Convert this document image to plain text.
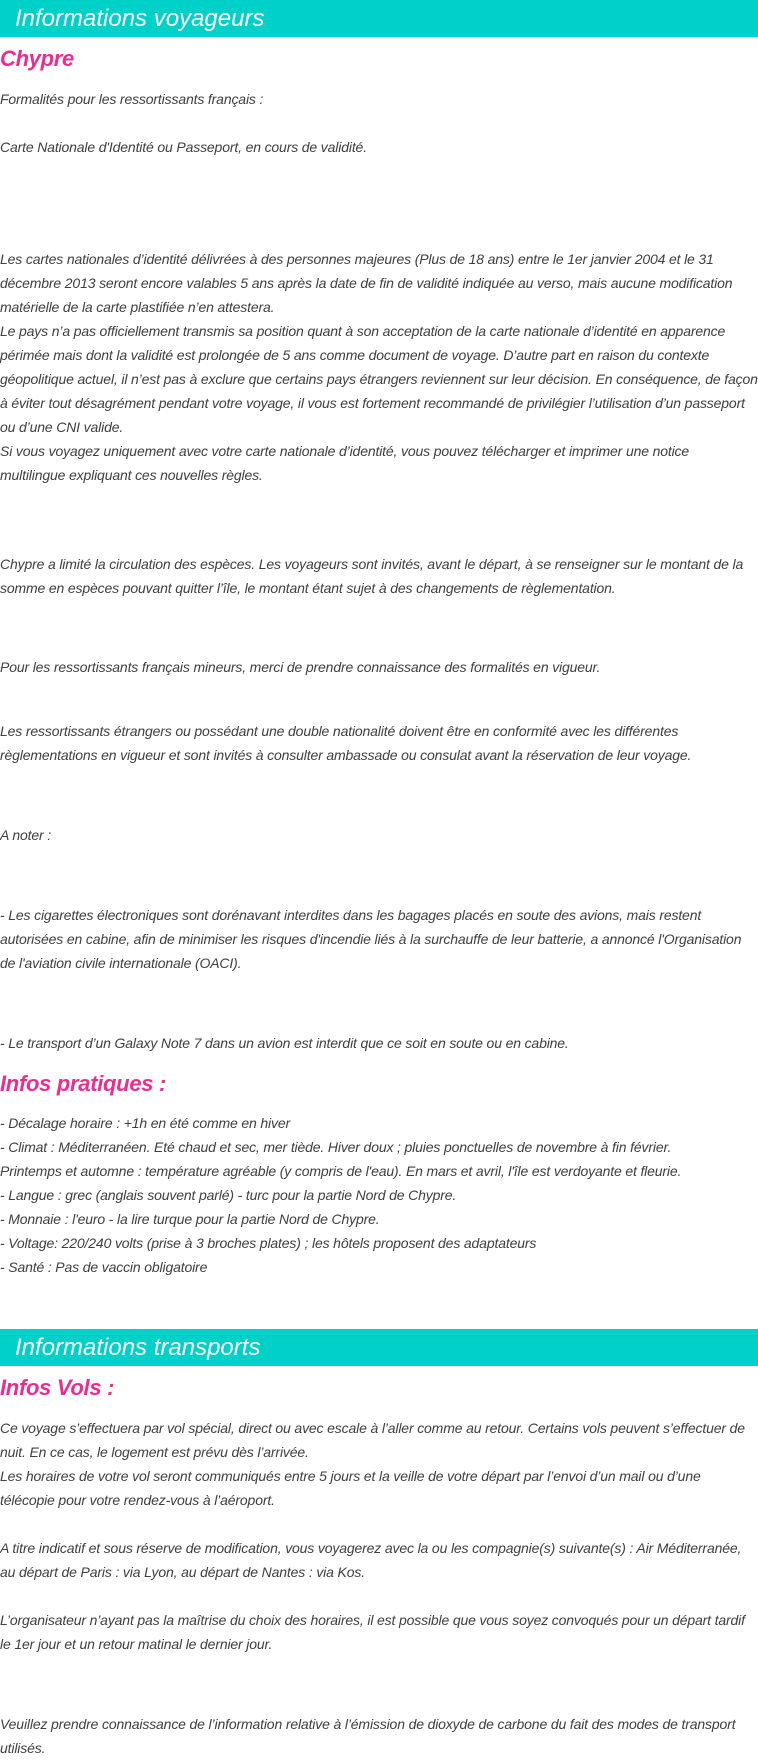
Informations voyageurs
Chypre

Formalités pour les ressortissants français :

Carte Nationale d'Identité ou Passeport, en cours de validité.

Les cartes nationales d’identité délivrées à des personnes majeures (Plus de 18 ans) entre le 1er janvier 2004 et le 31 décembre 2013 seront encore valables 5 ans après la date de fin de validité indiquée au verso, mais aucune modification matérielle de la carte plastifiée n’en attestera.
Le pays n’a pas officiellement transmis sa position quant à son acceptation de la carte nationale d’identité en apparence périmée mais dont la validité est prolongée de 5 ans comme document de voyage. D’autre part en raison du contexte géopolitique actuel, il n’est pas à exclure que certains pays étrangers reviennent sur leur décision. En conséquence, de façon à éviter tout désagrément pendant votre voyage, il vous est fortement recommandé de privilégier l’utilisation d’un passeport ou d’une CNI valide.
Si vous voyagez uniquement avec votre carte nationale d’identité, vous pouvez télécharger et imprimer une notice multilingue expliquant ces nouvelles règles.

Chypre a limité la circulation des espèces. Les voyageurs sont invités, avant le départ, à se renseigner sur le montant de la somme en espèces pouvant quitter l’île, le montant étant sujet à des changements de règlementation.

Pour les ressortissants français mineurs, merci de prendre connaissance des formalités en vigueur.

Les ressortissants étrangers ou possédant une double nationalité doivent être en conformité avec les différentes règlementations en vigueur et sont invités à consulter ambassade ou consulat avant la réservation de leur voyage.

A noter :

- Les cigarettes électroniques sont dorénavant interdites dans les bagages placés en soute des avions, mais restent autorisées en cabine, afin de minimiser les risques d'incendie liés à la surchauffe de leur batterie, a annoncé l'Organisation de l'aviation civile internationale (OACI).

- Le transport d’un Galaxy Note 7 dans un avion est interdit que ce soit en soute ou en cabine.

Infos pratiques :
- Décalage horaire : +1h en été comme en hiver
- Climat : Méditerranéen. Eté chaud et sec, mer tiède. Hiver doux ; pluies ponctuelles de novembre à fin février.
Printemps et automne : température agréable (y compris de l'eau). En mars et avril, l'île est verdoyante et fleurie.
- Langue : grec (anglais souvent parlé) - turc pour la partie Nord de Chypre.
- Monnaie : l'euro - la lire turque pour la partie Nord de Chypre.
- Voltage: 220/240 volts (prise à 3 broches plates) ; les hôtels proposent des adaptateurs
- Santé : Pas de vaccin obligatoire
Informations transports
Infos Vols :
Ce voyage s’effectuera par vol spécial, direct ou avec escale à l’aller comme au retour. Certains vols peuvent s’effectuer de nuit. En ce cas, le logement est prévu dès l’arrivée.
Les horaires de votre vol seront communiqués entre 5 jours et la veille de votre départ par l’envoi d’un mail ou d’une télécopie pour votre rendez-vous à l’aéroport.

A titre indicatif et sous réserve de modification, vous voyagerez avec la ou les compagnie(s) suivante(s) : Air Méditerranée, au départ de Paris : via Lyon, au départ de Nantes : via Kos.

L’organisateur n’ayant pas la maîtrise du choix des horaires, il est possible que vous soyez convoqués pour un départ tardif le 1er jour et un retour matinal le dernier jour.

Veuillez prendre connaissance de l’information relative à l’émission de dioxyde de carbone du fait des modes de transport utilisés.
